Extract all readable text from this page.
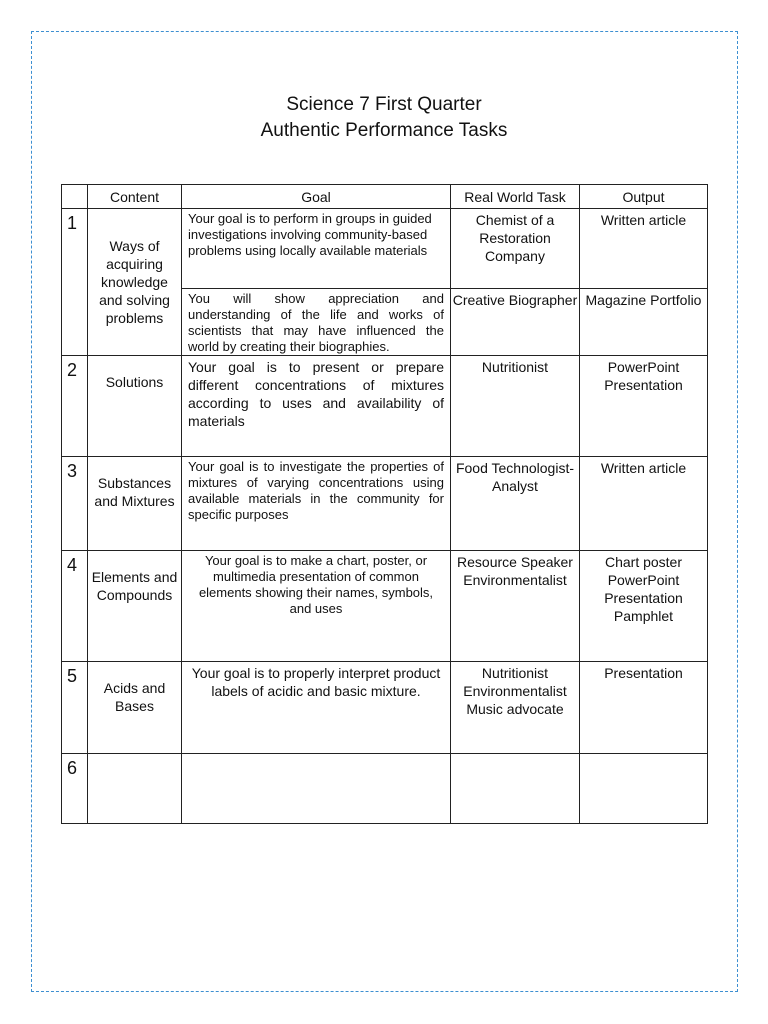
Science 7 First Quarter
Authentic Performance Tasks
	Content	Goal	Real World Task	Output
1	Ways of acquiring knowledge and solving problems	Your goal is to perform in groups in guided investigations involving community-based problems using locally available materials	Chemist of a Restoration Company	Written article
		You will show appreciation and understanding of the life and works of scientists that may have influenced the world by creating their biographies.	Creative Biographer	Magazine Portfolio
2	Solutions	Your goal is to present or prepare different concentrations of mixtures according to uses and availability of materials	Nutritionist	PowerPoint Presentation
3	Substances and Mixtures	Your goal is to investigate the properties of mixtures of varying concentrations using available materials in the community for specific purposes	Food Technologist-Analyst	Written article
4	Elements and Compounds	Your goal is to make a chart, poster, or multimedia presentation of common elements showing their names, symbols, and uses	Resource Speaker Environmentalist	Chart poster PowerPoint Presentation Pamphlet
5	Acids and Bases	Your goal is to properly interpret product labels of acidic and basic mixture.	Nutritionist Environmentalist Music advocate	Presentation
6				
